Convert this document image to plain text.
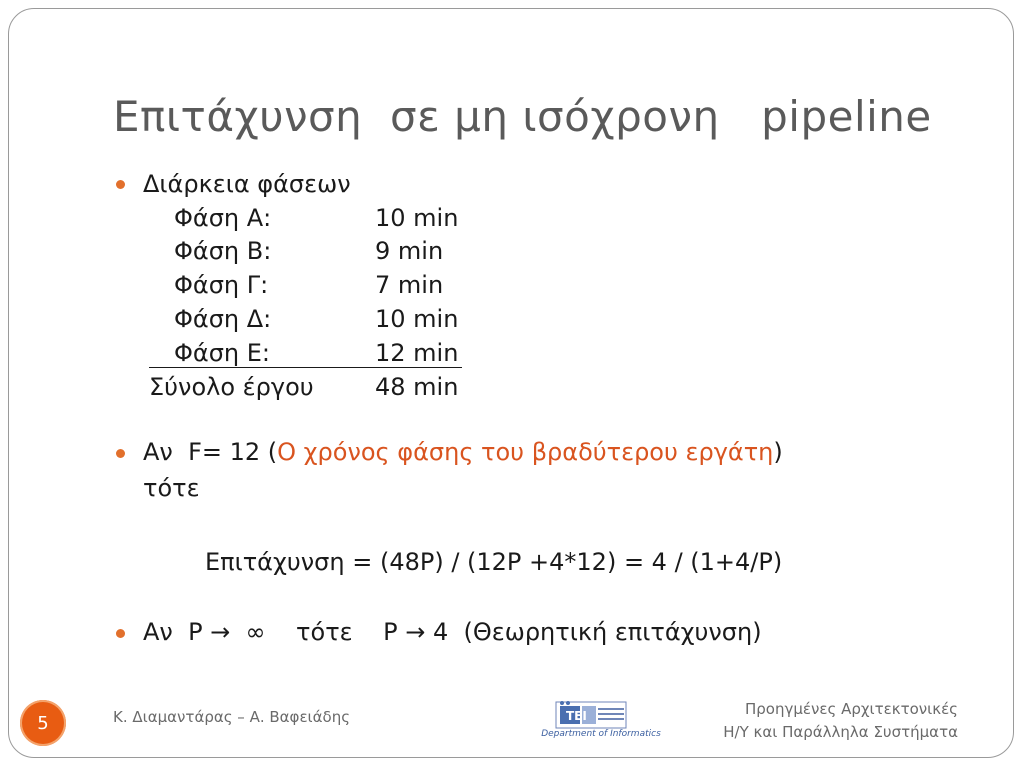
Επιτάχυνση  σε μη ισόχρονη   pipeline
Διάρκεια φάσεων
Φάση Α:	10 min
Φάση Β:	9 min
Φάση Γ:	7 min
Φάση Δ:	10 min
Φάση Ε:	12 min
Σύνολο έργου	48 min
Αν  F= 12 (Ο χρόνος φάσης του βραδύτερου εργάτη)
τότε
Επιτάχυνση = (48P) / (12P +4*12) = 4 / (1+4/P)
Αν  P →  ∞    τότε    P → 4  (Θεωρητική επιτάχυνση)
5	Κ. Διαμαντάρας – Α. Βαφειάδης	TEI
Department of Informatics
Προηγμένες Αρχιτεκτονικές
Η/Υ και Παράλληλα Συστήματα
